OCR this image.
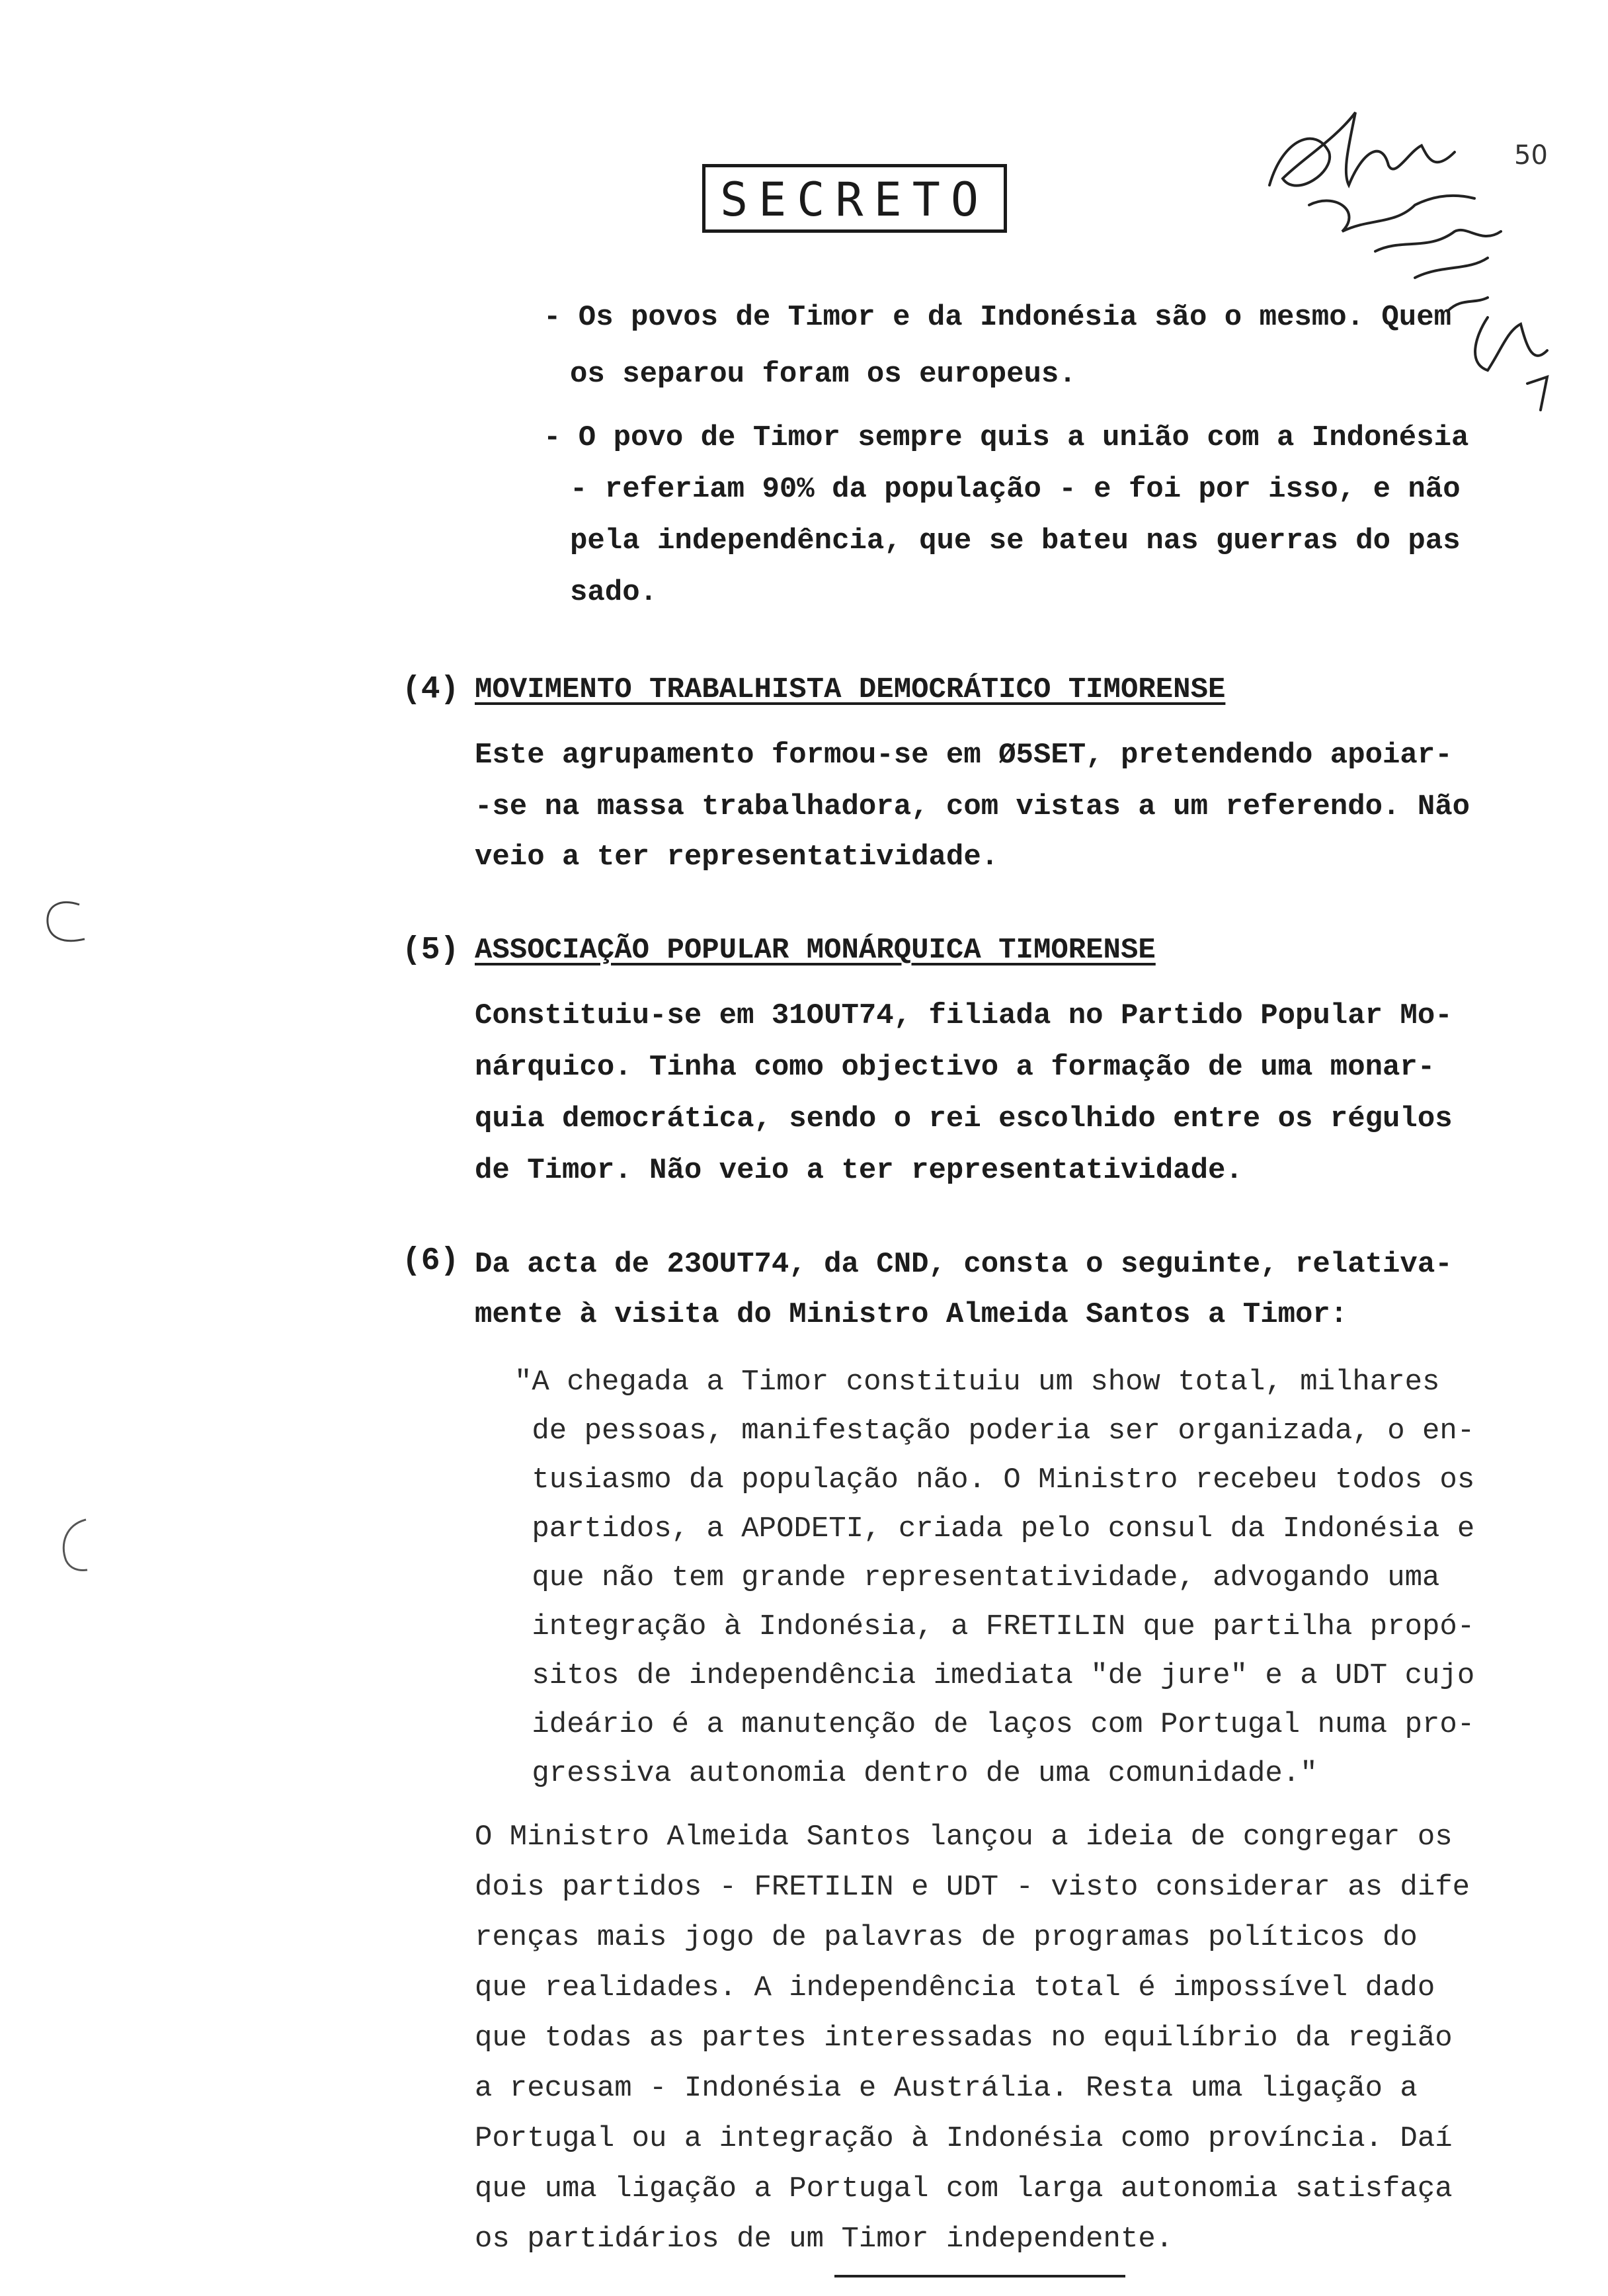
SECRETO
50
- Os povos de Timor e da Indonésia são o mesmo. Quem
os separou foram os europeus.
- O povo de Timor sempre quis a união com a Indonésia
- referiam 90% da população - e foi por isso, e não
pela independência, que se bateu nas guerras do pas
sado.
(4) MOVIMENTO TRABALHISTA DEMOCRÁTICO TIMORENSE
Este agrupamento formou-se em Ø5SET, pretendendo apoiar-
-se na massa trabalhadora, com vistas a um referendo. Não
veio a ter representatividade.
(5) ASSOCIAÇÃO POPULAR MONÁRQUICA TIMORENSE
Constituiu-se em 31OUT74, filiada no Partido Popular Mo-
nárquico. Tinha como objectivo a formação de uma monar-
quia democrática, sendo o rei escolhido entre os régulos
de Timor. Não veio a ter representatividade.
(6) Da acta de 23OUT74, da CND, consta o seguinte, relativa-
mente à visita do Ministro Almeida Santos a Timor:
"A chegada a Timor constituiu um show total, milhares
de pessoas, manifestação poderia ser organizada, o en-
tusiasmo da população não. O Ministro recebeu todos os
partidos, a APODETI, criada pelo consul da Indonésia e
que não tem grande representatividade, advogando uma
integração à Indonésia, a FRETILIN que partilha propó-
sitos de independência imediata "de jure" e a UDT cujo
ideário é a manutenção de laços com Portugal numa pro-
gressiva autonomia dentro de uma comunidade."
O Ministro Almeida Santos lançou a ideia de congregar os
dois partidos - FRETILIN e UDT - visto considerar as dife
renças mais jogo de palavras de programas políticos do
que realidades. A independência total é impossível dado
que todas as partes interessadas no equilíbrio da região
a recusam - Indonésia e Austrália. Resta uma ligação a
Portugal ou a integração à Indonésia como província. Daí
que uma ligação a Portugal com larga autonomia satisfaça
os partidários de um Timor independente.
